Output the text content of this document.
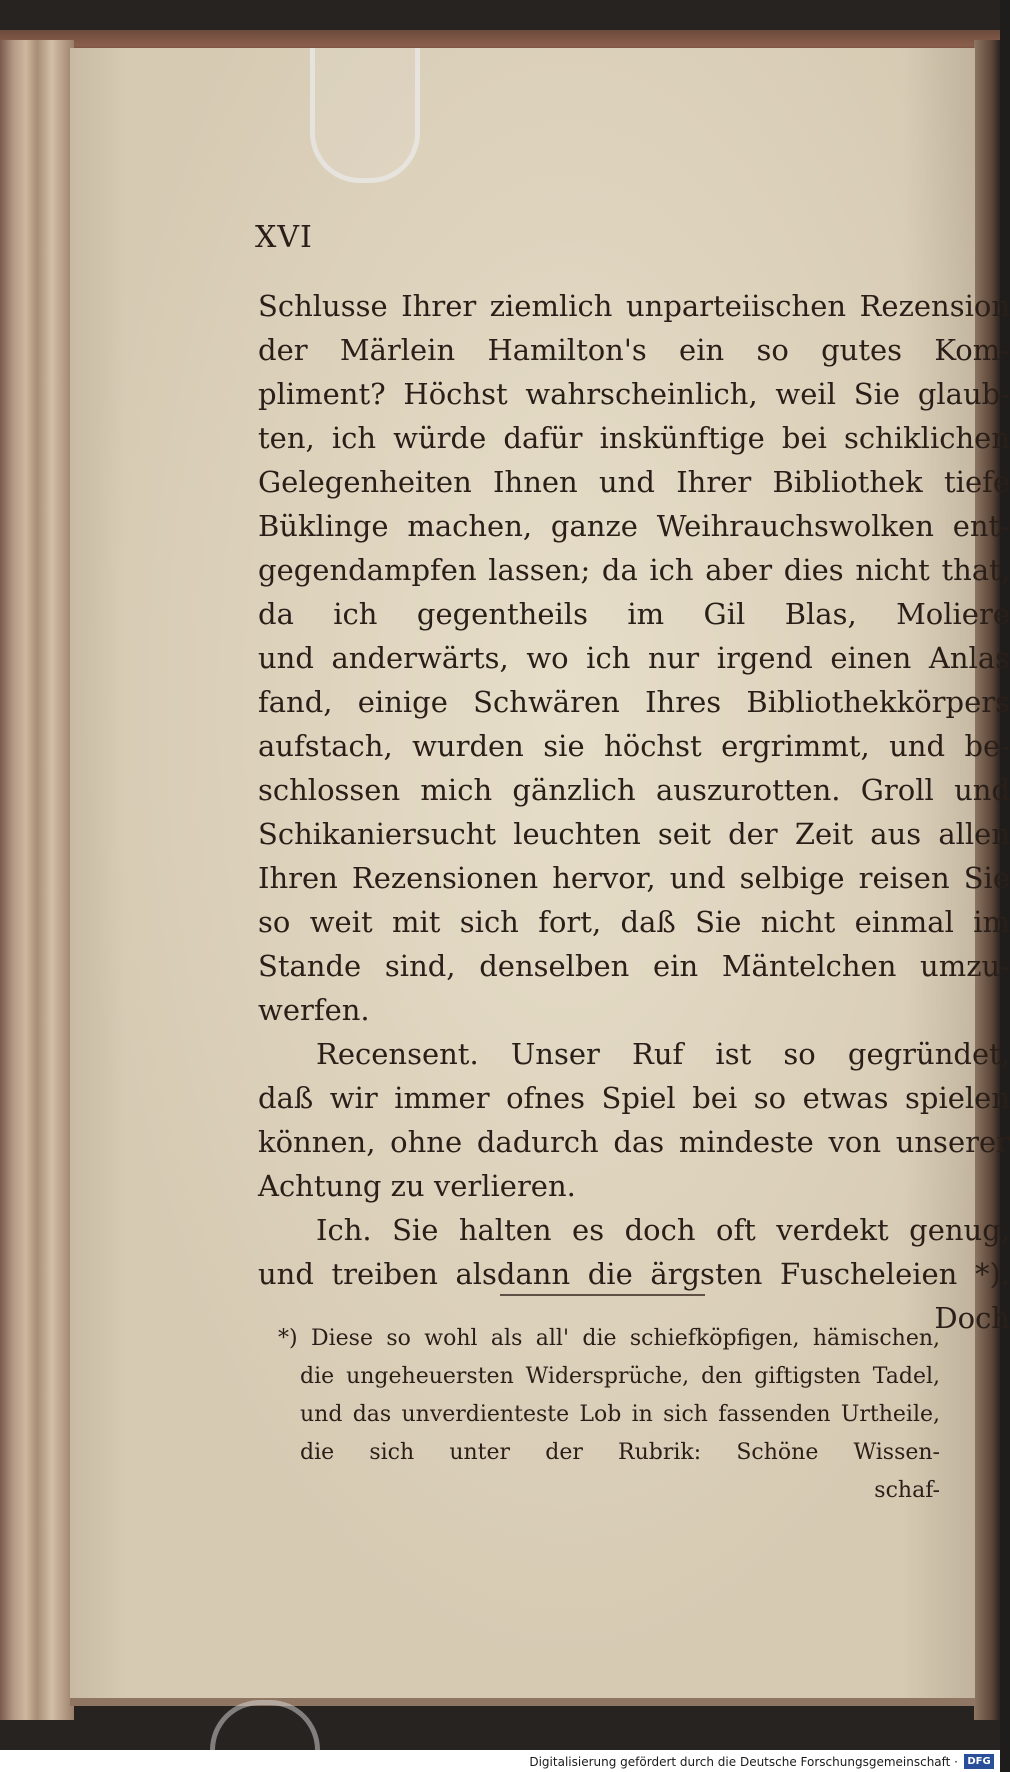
XVI
Schlusse Ihrer ziemlich unparteiischen Rezension
der Märlein Hamilton's ein so gutes Kom-
pliment? Höchst wahrscheinlich, weil Sie glaub-
ten, ich würde dafür inskünftige bei schiklichen
Gelegenheiten Ihnen und Ihrer Bibliothek tiefe
Büklinge machen, ganze Weihrauchswolken ent-
gegendampfen lassen; da ich aber dies nicht that,
da ich gegentheils im Gil Blas, Moliere
und anderwärts, wo ich nur irgend einen Anlas
fand, einige Schwären Ihres Bibliothekkörpers
aufstach, wurden sie höchst ergrimmt, und be-
schlossen mich gänzlich auszurotten. Groll und
Schikaniersucht leuchten seit der Zeit aus allen
Ihren Rezensionen hervor, und selbige reisen Sie
so weit mit sich fort, daß Sie nicht einmal im
Stande sind, denselben ein Mäntelchen umzu-
werfen.
Recensent. Unser Ruf ist so gegründet,
daß wir immer ofnes Spiel bei so etwas spielen
können, ohne dadurch das mindeste von unserer
Achtung zu verlieren.
Ich. Sie halten es doch oft verdekt genug,
und treiben alsdann die ärgsten Fuscheleien *).
Doch
*) Diese so wohl als all' die schiefköpfigen, hämischen,
die ungeheuersten Widersprüche, den giftigsten Tadel,
und das unverdienteste Lob in sich fassenden Urtheile,
die sich unter der Rubrik: Schöne Wissen-
schaf-
Digitalisierung gefördert durch die Deutsche Forschungsgemeinschaft · DFG
